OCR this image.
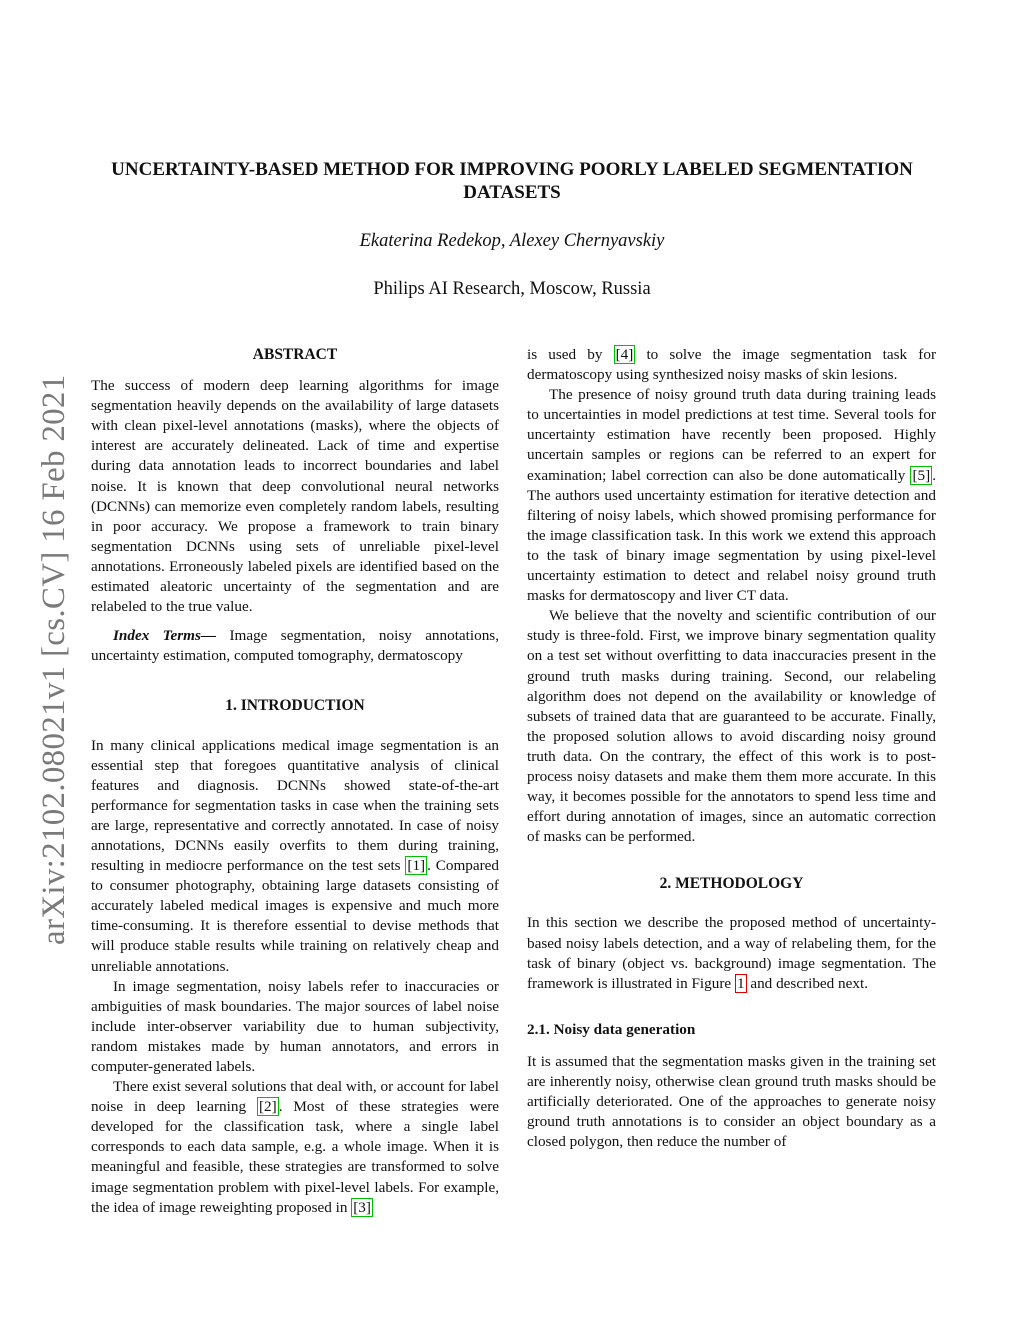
arXiv:2102.08021v1 [cs.CV] 16 Feb 2021
UNCERTAINTY-BASED METHOD FOR IMPROVING POORLY LABELED SEGMENTATION DATASETS
Ekaterina Redekop, Alexey Chernyavskiy
Philips AI Research, Moscow, Russia
ABSTRACT

The success of modern deep learning algorithms for image segmentation heavily depends on the availability of large datasets with clean pixel-level annotations (masks), where the objects of interest are accurately delineated. Lack of time and expertise during data annotation leads to incorrect boundaries and label noise. It is known that deep convolutional neural networks (DCNNs) can memorize even completely random labels, resulting in poor accuracy. We propose a framework to train binary segmentation DCNNs using sets of unreliable pixel-level annotations. Erroneously labeled pixels are identified based on the estimated aleatoric uncertainty of the segmentation and are relabeled to the true value.

Index Terms— Image segmentation, noisy annotations, uncertainty estimation, computed tomography, dermatoscopy

1. INTRODUCTION

In many clinical applications medical image segmentation is an essential step that foregoes quantitative analysis of clinical features and diagnosis. DCNNs showed state-of-the-art performance for segmentation tasks in case when the training sets are large, representative and correctly annotated. In case of noisy annotations, DCNNs easily overfits to them during training, resulting in mediocre performance on the test sets [1] . Compared to consumer photography, obtaining large datasets consisting of accurately labeled medical images is expensive and much more time-consuming. It is therefore essential to devise methods that will produce stable results while training on relatively cheap and unreliable annotations.

In image segmentation, noisy labels refer to inaccuracies or ambiguities of mask boundaries. The major sources of label noise include inter-observer variability due to human subjectivity, random mistakes made by human annotators, and errors in computer-generated labels.

There exist several solutions that deal with, or account for label noise in deep learning [2] . Most of these strategies were developed for the classification task, where a single label corresponds to each data sample, e.g. a whole image. When it is meaningful and feasible, these strategies are transformed to solve image segmentation problem with pixel-level labels. For example, the idea of image reweighting proposed in [3]

is used by [4] to solve the image segmentation task for dermatoscopy using synthesized noisy masks of skin lesions.

The presence of noisy ground truth data during training leads to uncertainties in model predictions at test time. Several tools for uncertainty estimation have recently been proposed. Highly uncertain samples or regions can be referred to an expert for examination; label correction can also be done automatically [5] . The authors used uncertainty estimation for iterative detection and filtering of noisy labels, which showed promising performance for the image classification task. In this work we extend this approach to the task of binary image segmentation by using pixel-level uncertainty estimation to detect and relabel noisy ground truth masks for dermatoscopy and liver CT data.

We believe that the novelty and scientific contribution of our study is three-fold. First, we improve binary segmentation quality on a test set without overfitting to data inaccuracies present in the ground truth masks during training. Second, our relabeling algorithm does not depend on the availability or knowledge of subsets of trained data that are guaranteed to be accurate. Finally, the proposed solution allows to avoid discarding noisy ground truth data. On the contrary, the effect of this work is to post-process noisy datasets and make them them more accurate. In this way, it becomes possible for the annotators to spend less time and effort during annotation of images, since an automatic correction of masks can be performed.

2. METHODOLOGY

In this section we describe the proposed method of uncertainty-based noisy labels detection, and a way of relabeling them, for the task of binary (object vs. background) image segmentation. The framework is illustrated in Figure 1 and described next.

2.1. Noisy data generation

It is assumed that the segmentation masks given in the training set are inherently noisy, otherwise clean ground truth masks should be artificially deteriorated. One of the approaches to generate noisy ground truth annotations is to consider an object boundary as a closed polygon, then reduce the number of
